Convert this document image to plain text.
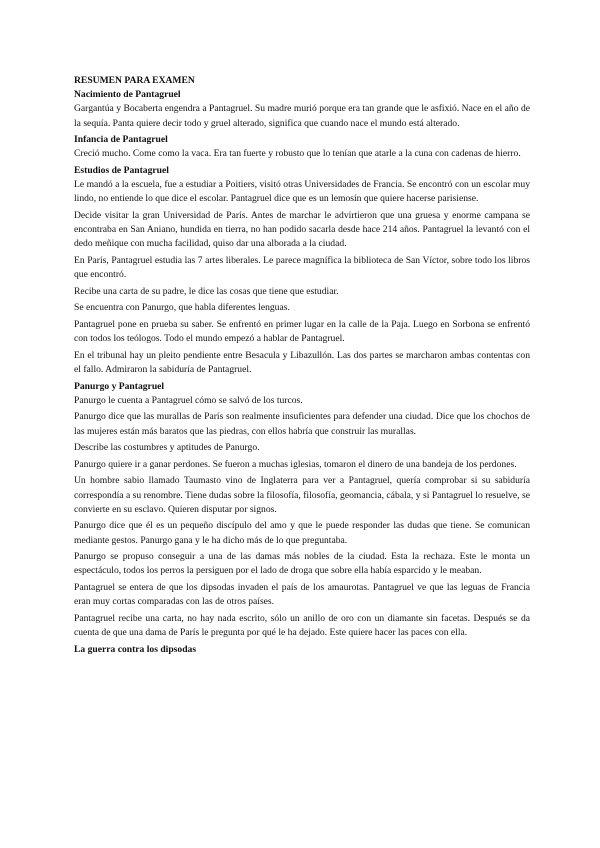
RESUMEN PARA EXAMEN

Nacimiento de Pantagruel

Gargantúa y Bocaberta engendra a Pantagruel. Su madre murió porque era tan grande que le asfixió. Nace en el año de la sequía. Panta quiere decir todo y gruel alterado, significa que cuando nace el mundo está alterado.

Infancia de Pantagruel

Creció mucho. Come como la vaca. Era tan fuerte y robusto que lo tenían que atarle a la cuna con cadenas de hierro.

Estudios de Pantagruel

Le mandó a la escuela, fue a estudiar a Poitiers, visitó otras Universidades de Francia. Se encontró con un escolar muy lindo, no entiende lo que dice el escolar. Pantagruel dice que es un lemosín que quiere hacerse parisiense.

Decide visitar la gran Universidad de París. Antes de marchar le advirtieron que una gruesa y enorme campana se encontraba en San Aniano, hundida en tierra, no han podido sacarla desde hace 214 años. Pantagruel la levantó con el dedo meñique con mucha facilidad, quiso dar una alborada a la ciudad.

En París, Pantagruel estudia las 7 artes liberales. Le parece magnífica la biblioteca de San Víctor, sobre todo los libros que encontró.

Recibe una carta de su padre, le dice las cosas que tiene que estudiar.

Se encuentra con Panurgo, que habla diferentes lenguas.

Pantagruel pone en prueba su saber. Se enfrentó en primer lugar en la calle de la Paja. Luego en Sorbona se enfrentó con todos los teólogos. Todo el mundo empezó a hablar de Pantagruel.

En el tribunal hay un pleito pendiente entre Besacula y Libazullón. Las dos partes se marcharon ambas contentas con el fallo. Admiraron la sabiduría de Pantagruel.

Panurgo y Pantagruel

Panurgo le cuenta a Pantagruel cómo se salvó de los turcos.

Panurgo dice que las murallas de París son realmente insuficientes para defender una ciudad. Dice que los chochos de las mujeres están más baratos que las piedras, con ellos habría que construir las murallas.

Describe las costumbres y aptitudes de Panurgo.

Panurgo quiere ir a ganar perdones. Se fueron a muchas iglesias, tomaron el dinero de una bandeja de los perdones.

Un hombre sabio llamado Taumasto vino de Inglaterra para ver a Pantagruel, quería comprobar si su sabiduría correspondía a su renombre. Tiene dudas sobre la filosofía, filosofía, geomancia, cábala, y si Pantagruel lo resuelve, se convierte en su esclavo. Quieren disputar por signos.

Panurgo dice que él es un pequeño discípulo del amo y que le puede responder las dudas que tiene. Se comunican mediante gestos. Panurgo gana y le ha dicho más de lo que preguntaba.

Panurgo se propuso conseguir a una de las damas más nobles de la ciudad. Esta la rechaza. Este le monta un espectáculo, todos los perros la persiguen por el lado de droga que sobre ella había esparcido y le meaban.

Pantagruel se entera de que los dipsodas invaden el país de los amaurotas. Pantagruel ve que las leguas de Francia eran muy cortas comparadas con las de otros países.

Pantagruel recibe una carta, no hay nada escrito, sólo un anillo de oro con un diamante sin facetas. Después se da cuenta de que una dama de París le pregunta por qué le ha dejado. Este quiere hacer las paces con ella.

La guerra contra los dipsodas
